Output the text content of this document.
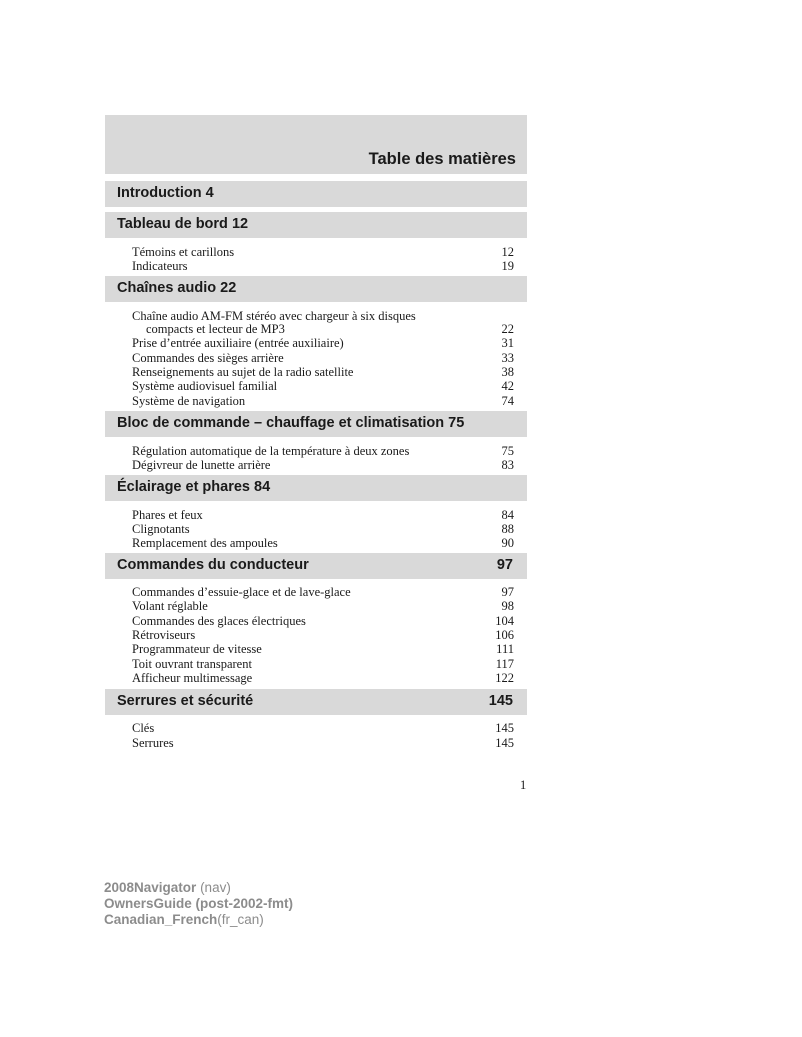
Table des matières
Introduction 4
Tableau de bord 12
Témoins et carillons	12
Indicateurs	19
Chaînes audio 22
Chaîne audio AM-FM stéréo avec chargeur à six disques
compacts et lecteur de MP3	22
Prise d’entrée auxiliaire (entrée auxiliaire)	31
Commandes des sièges arrière	33
Renseignements au sujet de la radio satellite	38
Système audiovisuel familial	42
Système de navigation	74
Bloc de commande – chauffage et climatisation 75
Régulation automatique de la température à deux zones	75
Dégivreur de lunette arrière	83
Éclairage et phares 84
Phares et feux	84
Clignotants	88
Remplacement des ampoules	90
Commandes du conducteur	97
Commandes d’essuie-glace et de lave-glace	97
Volant réglable	98
Commandes des glaces électriques	104
Rétroviseurs	106
Programmateur de vitesse	111
Toit ouvrant transparent	117
Afficheur multimessage	122
Serrures et sécurité	145
Clés	145
Serrures	145
1
2008Navigator (nav)
OwnersGuide (post-2002-fmt)
Canadian_French(fr_can)
